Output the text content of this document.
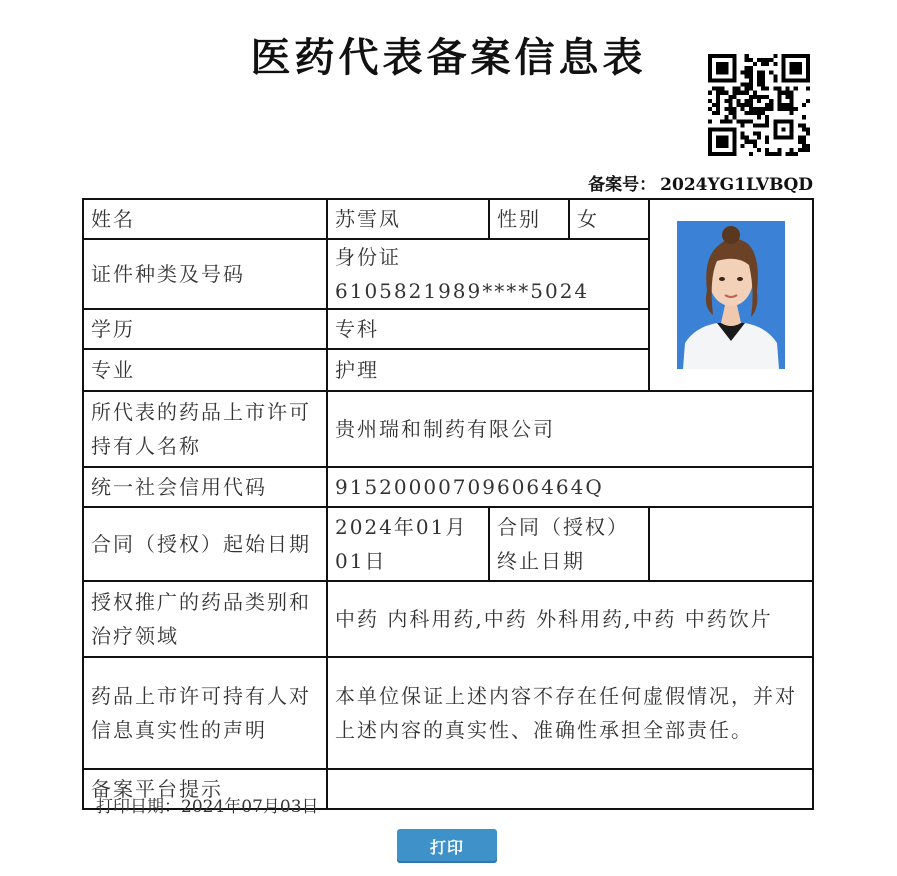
医药代表备案信息表
备案号： 2024YG1LVBQD
姓名	苏雪凤	性别	女	

证件种类及号码	身份证 6105821989****5024			
学历	专科			
专业	护理			
所代表的药品上市许可持有人名称	贵州瑞和制药有限公司			
统一社会信用代码	91520000709606464Q			
合同（授权）起始日期	2024年01月01日	合同（授权）终止日期		
授权推广的药品类别和治疗领域	中药 内科用药,中药 外科用药,中药 中药饮片			
药品上市许可持有人对信息真实性的声明	本单位保证上述内容不存在任何虚假情况，并对上述内容的真实性、准确性承担全部责任。			
备案平台提示				
打印日期：2024年07月03日
打印
